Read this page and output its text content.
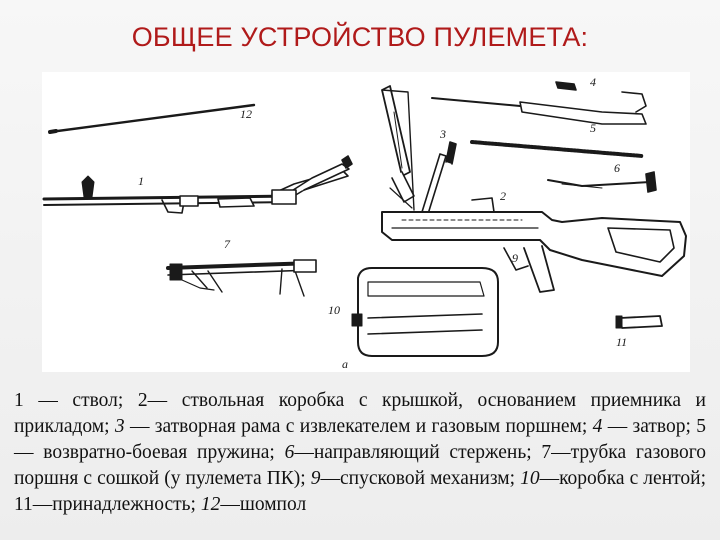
ОБЩЕЕ УСТРОЙСТВО ПУЛЕМЕТА:
12
1
7
4
5
6
2
3
9
10
11
а
1 — ствол; 2— ствольная коробка с крышкой, основанием приемника и прикладом; 3 — затворная рама с извлекателем и газовым поршнем; 4 — затвор; 5 — возвратно-боевая пружина; 6—направляющий стержень; 7—трубка газового поршня с сошкой (у пулемета ПК); 9—спусковой механизм; 10—коробка с лентой; 11—принадлежность; 12—шомпол
